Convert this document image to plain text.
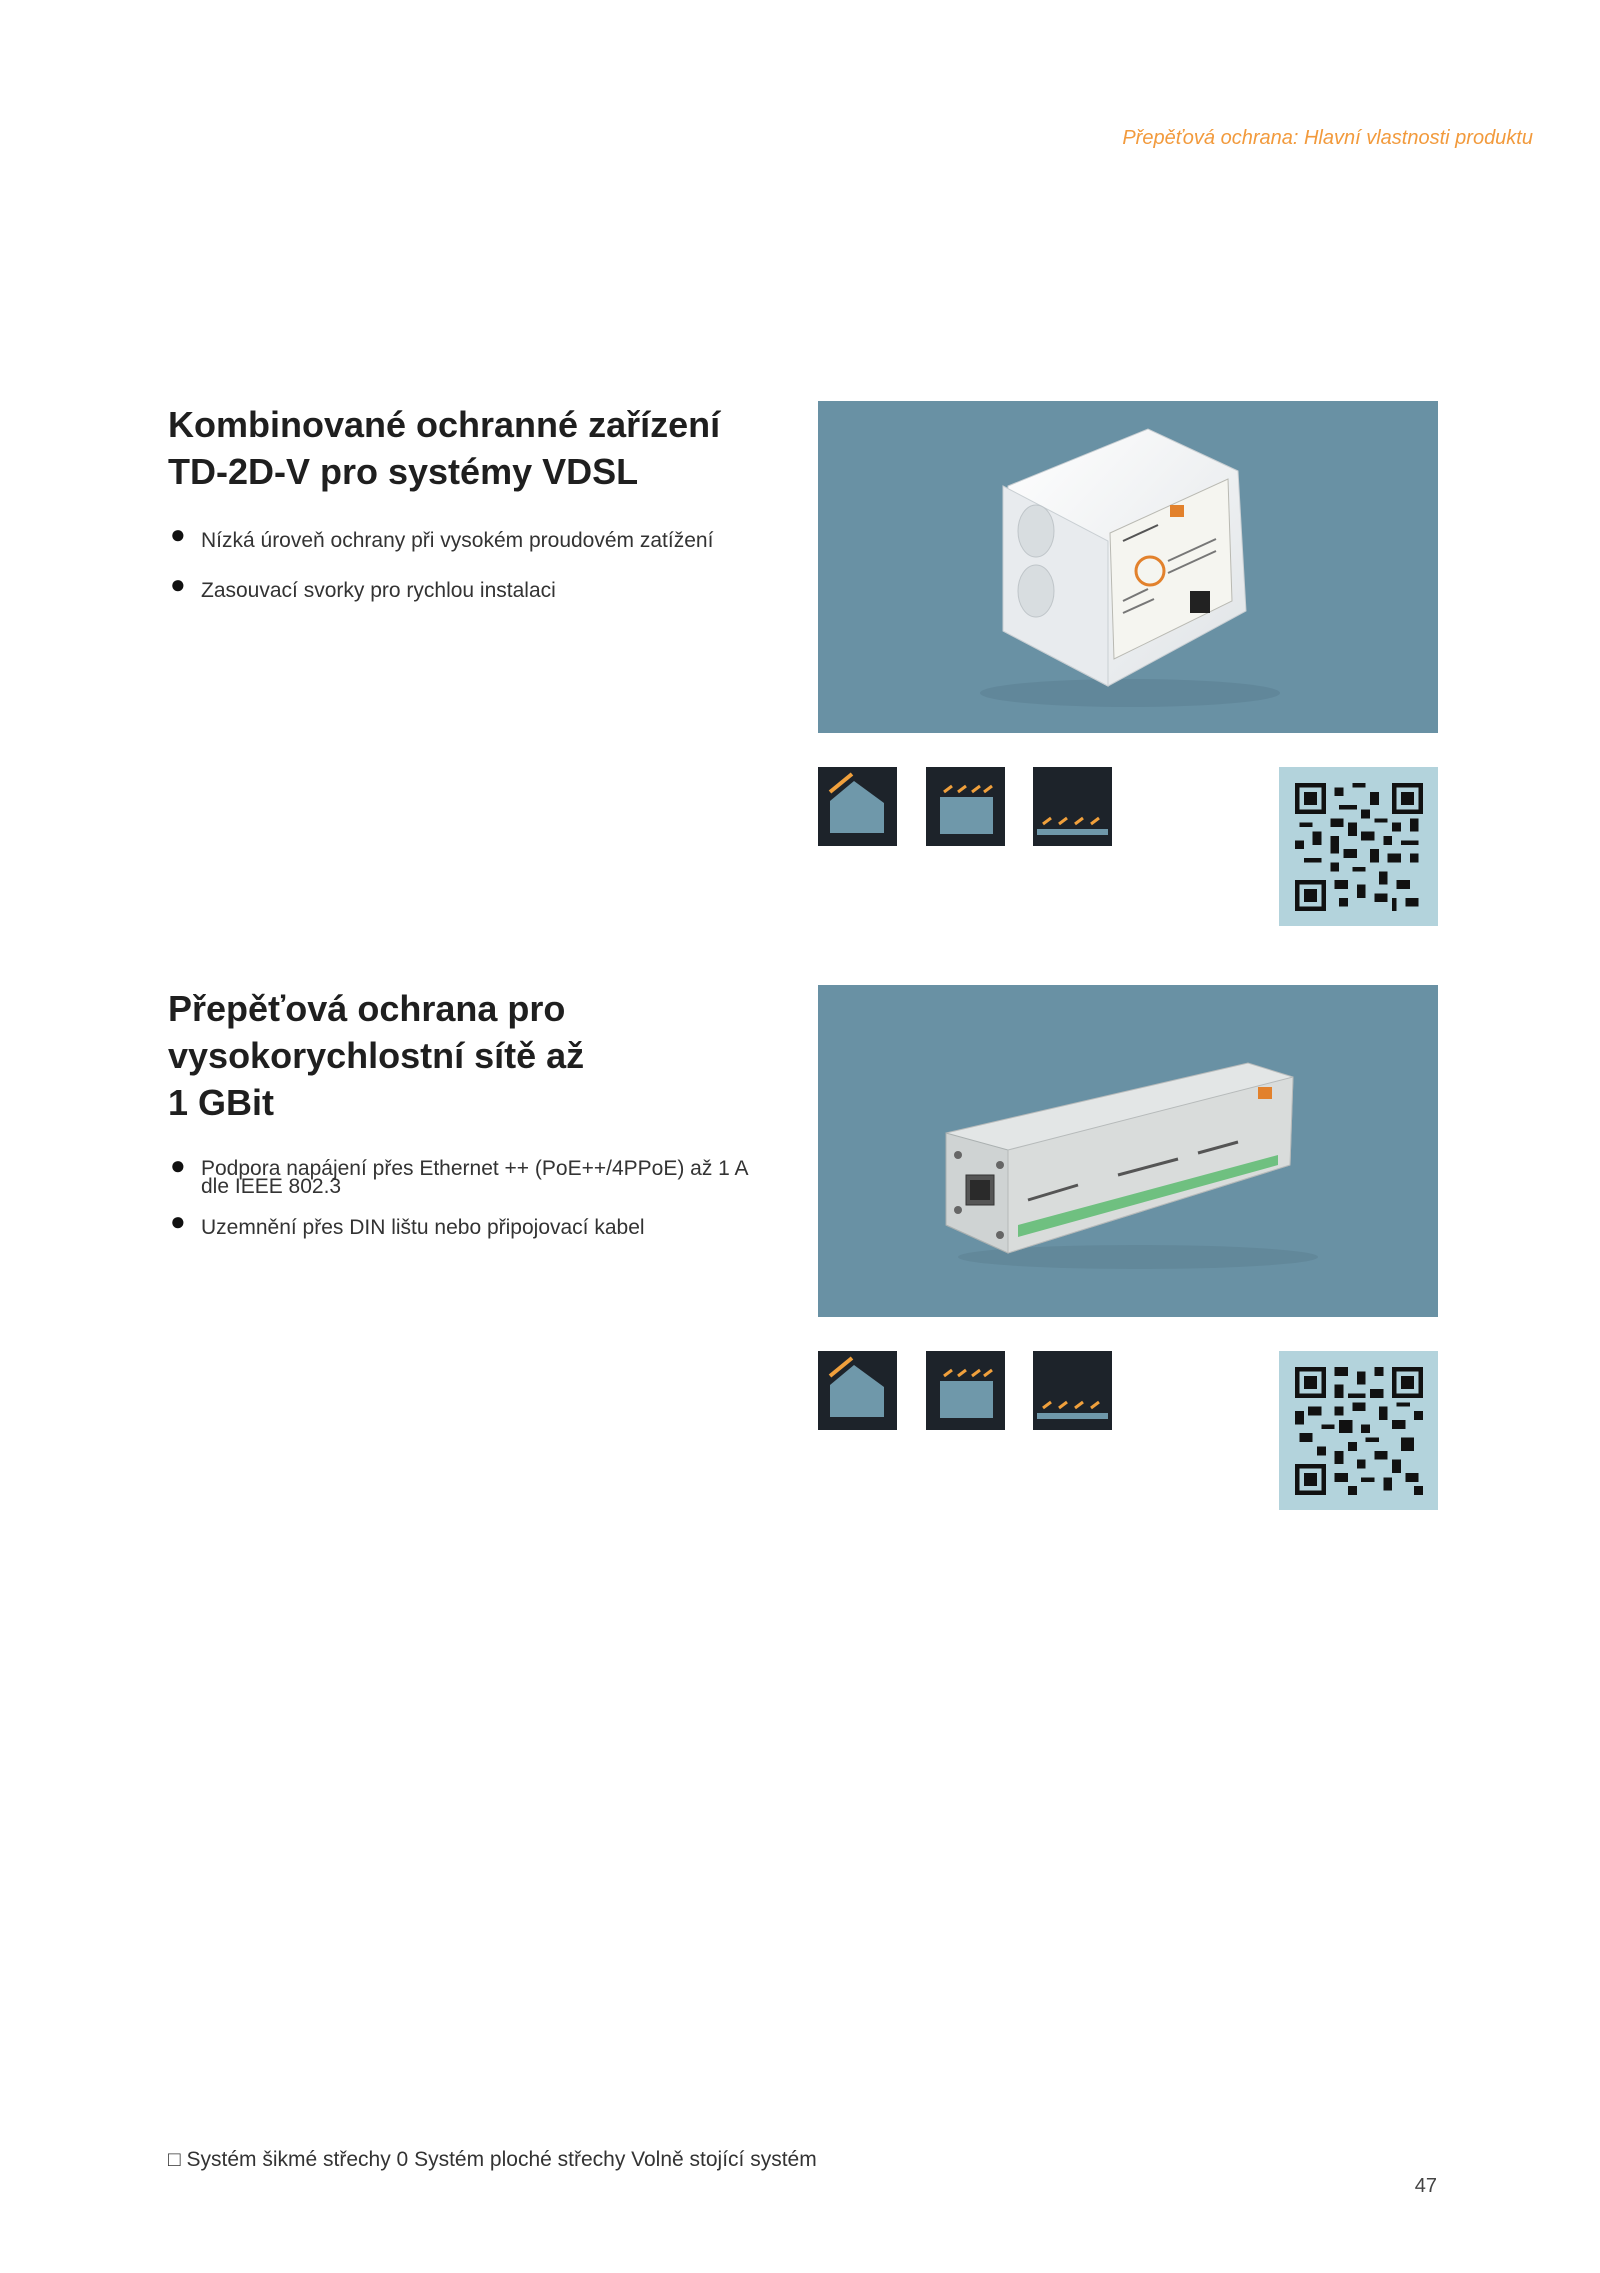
Přepěťová ochrana: Hlavní vlastnosti produktu
Kombinované ochranné zařízení
TD-2D-V pro systémy VDSL
● Nízká úroveň ochrany při vysokém proudovém zatížení
● Zasouvací svorky pro rychlou instalaci
Přepěťová ochrana pro
vysokorychlostní sítě až
1 GBit
● Podpora napájení přes Ethernet ++ (PoE++/4PPoE) až 1 A dle IEEE 802.3
● Uzemnění přes DIN lištu nebo připojovací kabel
□ Systém šikmé střechy 0 Systém ploché střechy Volně stojící systém
47
